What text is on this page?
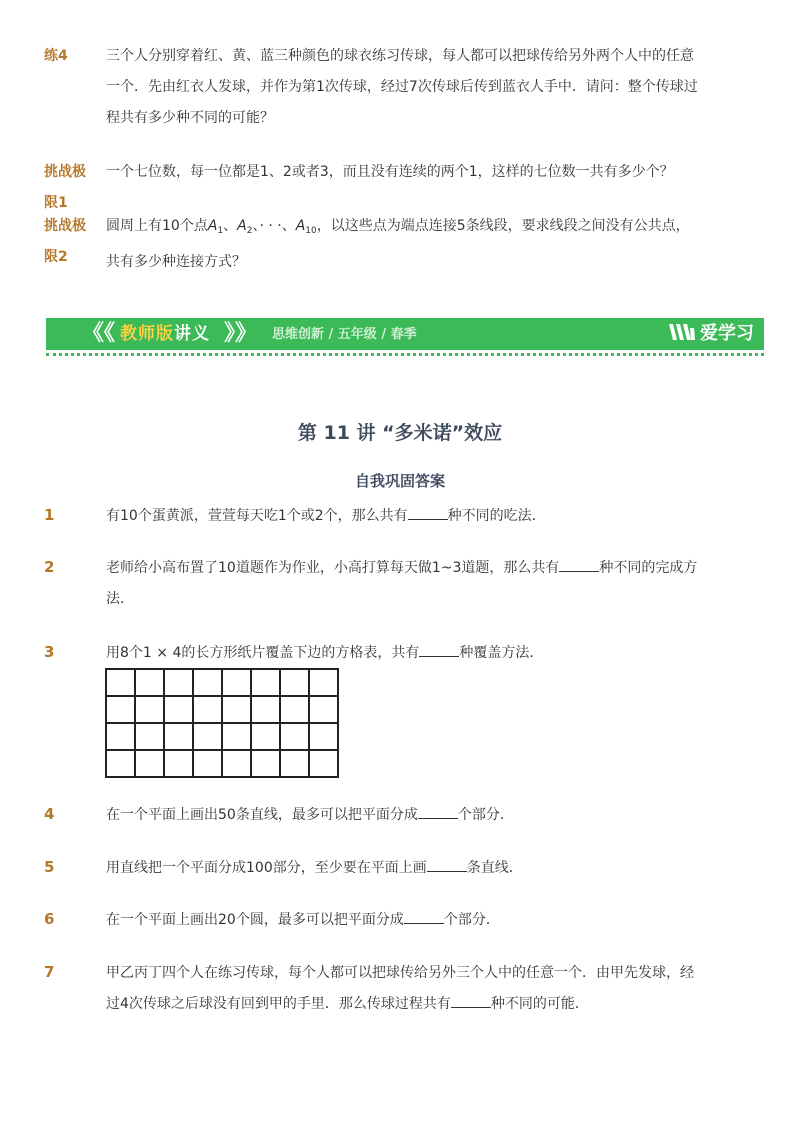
练4	三个人分别穿着红、黄、蓝三种颜色的球衣练习传球，每人都可以把球传给另外两个人中的任意
一个．先由红衣人发球，并作为第1次传球，经过7次传球后传到蓝衣人手中．请问：整个传球过
程共有多少种不同的可能？
挑战极
限1
一个七位数，每一位都是1、2或者3，而且没有连续的两个1，这样的七位数一共有多少个？
挑战极
限2
圆周上有10个点$A_1$、$A_2$、· · ·、$A_{10}$，以这些点为端点连接5条线段，要求线段之间没有公共点，
共有多少种连接方式？
《《 教师版讲义 》》 思维创新 / 五年级 / 春季	爱学习
第 11 讲 “多米诺”效应
自我巩固答案
1	有10个蛋黄派，萱萱每天吃1个或2个，那么共有	种不同的吃法．
2	老师给小高布置了10道题作为作业，小高打算每天做1~3道题，那么共有	种不同的完成方
法．
3	用8个1 × 4的长方形纸片覆盖下边的方格表，共有	种覆盖方法．

4	在一个平面上画出50条直线，最多可以把平面分成	个部分．
5	用直线把一个平面分成100部分，至少要在平面上画	条直线．
6	在一个平面上画出20个圆，最多可以把平面分成	个部分．
7	甲乙丙丁四个人在练习传球，每个人都可以把球传给另外三个人中的任意一个．由甲先发球，经
过4次传球之后球没有回到甲的手里．那么传球过程共有	种不同的可能．
